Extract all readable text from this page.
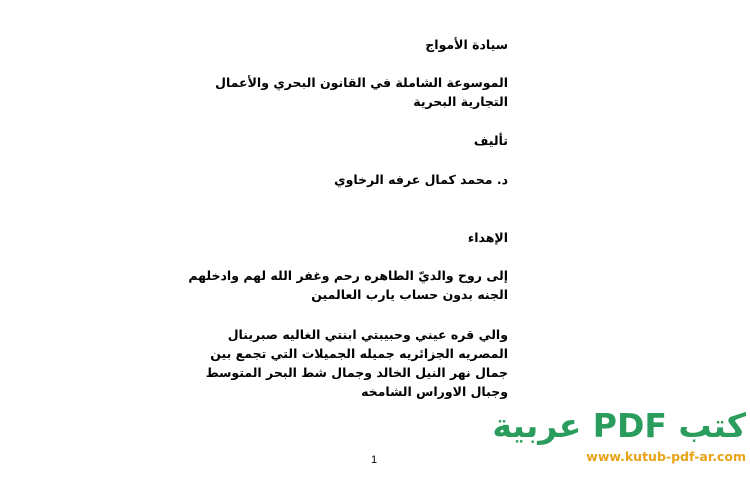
سيادة الأمواج
الموسوعة الشاملة في القانون البحري والأعمال
التجارية البحرية
تأليف
د. محمد كمال عرفه الرخاوي
الإهداء
إلى روح والديّ الطاهره رحم وغفر الله لهم وادخلهم
الجنه بدون حساب يارب العالمين
والي قره عيني وحبيبتي ابنتي الغاليه صبرينال
المصريه الجزائريه جميله الجميلات التي تجمع بين
جمال نهر النيل الخالد وجمال شط البحر المتوسط
وجبال الاوراس الشامخه
1
كتب PDF عربية
www.kutub-pdf-ar.com
